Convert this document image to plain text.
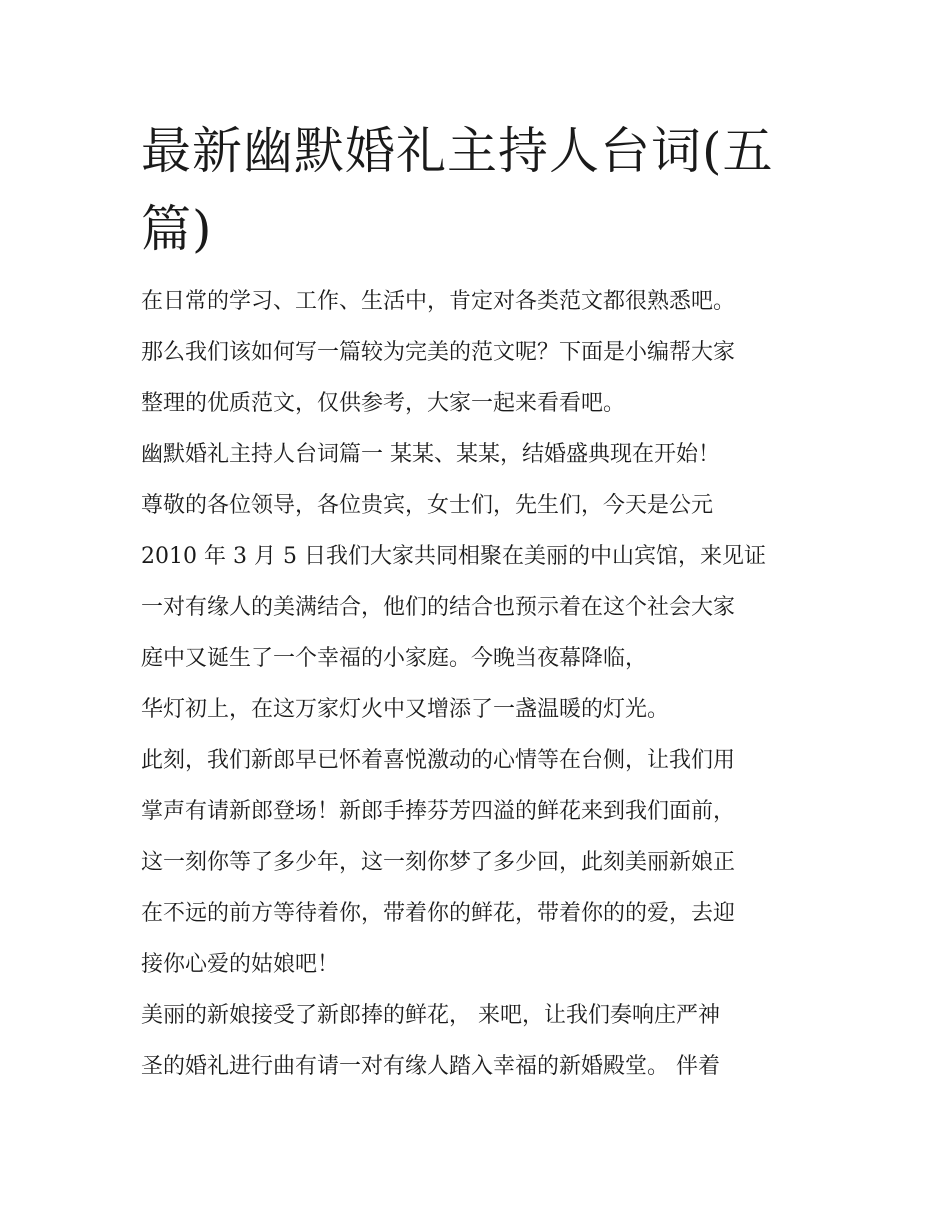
最新幽默婚礼主持人台词(五
篇)

在日常的学习、工作、生活中，肯定对各类范文都很熟悉吧。

那么我们该如何写一篇较为完美的范文呢？下面是小编帮大家

整理的优质范文，仅供参考，大家一起来看看吧。

幽默婚礼主持人台词篇一 某某、某某，结婚盛典现在开始！

尊敬的各位领导，各位贵宾，女士们，先生们，今天是公元

2010 年 3 月 5 日我们大家共同相聚在美丽的中山宾馆，来见证

一对有缘人的美满结合，他们的结合也预示着在这个社会大家

庭中又诞生了一个幸福的小家庭。今晚当夜幕降临，

华灯初上，在这万家灯火中又增添了一盏温暖的灯光。

此刻，我们新郎早已怀着喜悦激动的心情等在台侧，让我们用

掌声有请新郎登场！新郎手捧芬芳四溢的鲜花来到我们面前，

这一刻你等了多少年，这一刻你梦了多少回，此刻美丽新娘正

在不远的前方等待着你，带着你的鲜花，带着你的的爱，去迎

接你心爱的姑娘吧！

美丽的新娘接受了新郎捧的鲜花， 来吧，让我们奏响庄严神

圣的婚礼进行曲有请一对有缘人踏入幸福的新婚殿堂。 伴着
